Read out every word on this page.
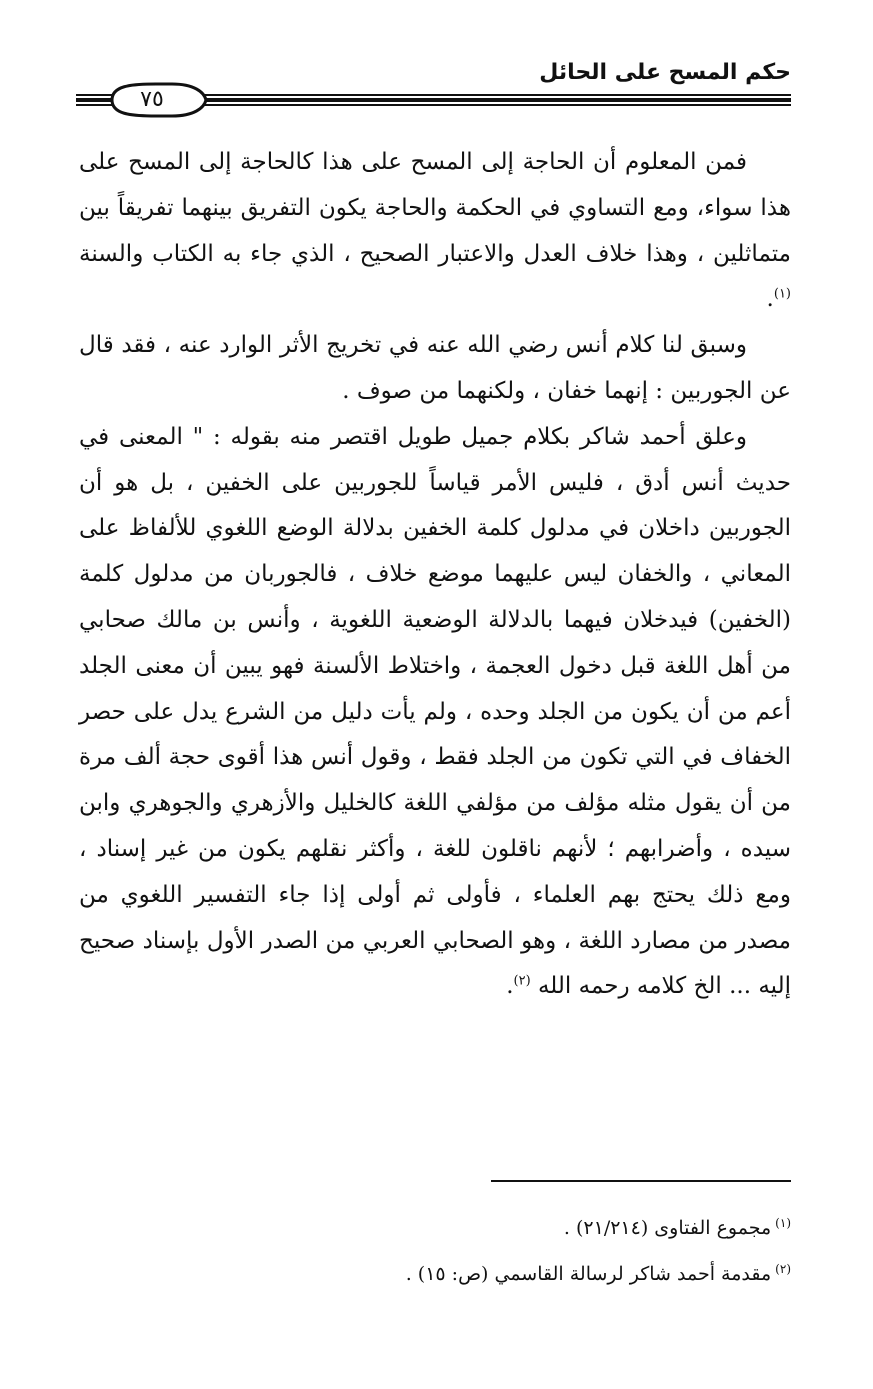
حكم المسح على الحائل
٧٥

فمن المعلوم أن الحاجة إلى المسح على هذا كالحاجة إلى المسح على هذا سواء، ومع التساوي في الحكمة والحاجة يكون التفريق بينهما تفريقاً بين متماثلين ، وهذا خلاف العدل والاعتبار الصحيح ، الذي جاء به الكتاب والسنة $^{(١)}$.

وسبق لنا كلام أنس رضي الله عنه في تخريج الأثر الوارد عنه ، فقد قال عن الجوربين : إنهما خفان ، ولكنهما من صوف .

وعلق أحمد شاكر بكلام جميل طويل اقتصر منه بقوله : " المعنى في حديث أنس أدق ، فليس الأمر قياساً للجوربين على الخفين ، بل هو أن الجوربين داخلان في مدلول كلمة الخفين بدلالة الوضع اللغوي للألفاظ على المعاني ، والخفان ليس عليهما موضع خلاف ، فالجوربان من مدلول كلمة (الخفين) فيدخلان فيهما بالدلالة الوضعية اللغوية ، وأنس بن مالك صحابي من أهل اللغة قبل دخول العجمة ، واختلاط الألسنة فهو يبين أن معنى الجلد أعم من أن يكون من الجلد وحده ، ولم يأت دليل من الشرع يدل على حصر الخفاف في التي تكون من الجلد فقط ، وقول أنس هذا أقوى حجة ألف مرة من أن يقول مثله مؤلف من مؤلفي اللغة كالخليل والأزهري والجوهري وابن سيده ، وأضرابهم ؛ لأنهم ناقلون للغة ، وأكثر نقلهم يكون من غير إسناد ، ومع ذلك يحتج بهم العلماء ، فأولى ثم أولى إذا جاء التفسير اللغوي من مصدر من مصارد اللغة ، وهو الصحابي العربي من الصدر الأول بإسناد صحيح إليه ... الخ كلامه رحمه الله $^{(٢)}$.

$^{(١)}$مجموع الفتاوى (٢١/٢١٤) .
$^{(٢)}$مقدمة أحمد شاكر لرسالة القاسمي (ص: ١٥) .
